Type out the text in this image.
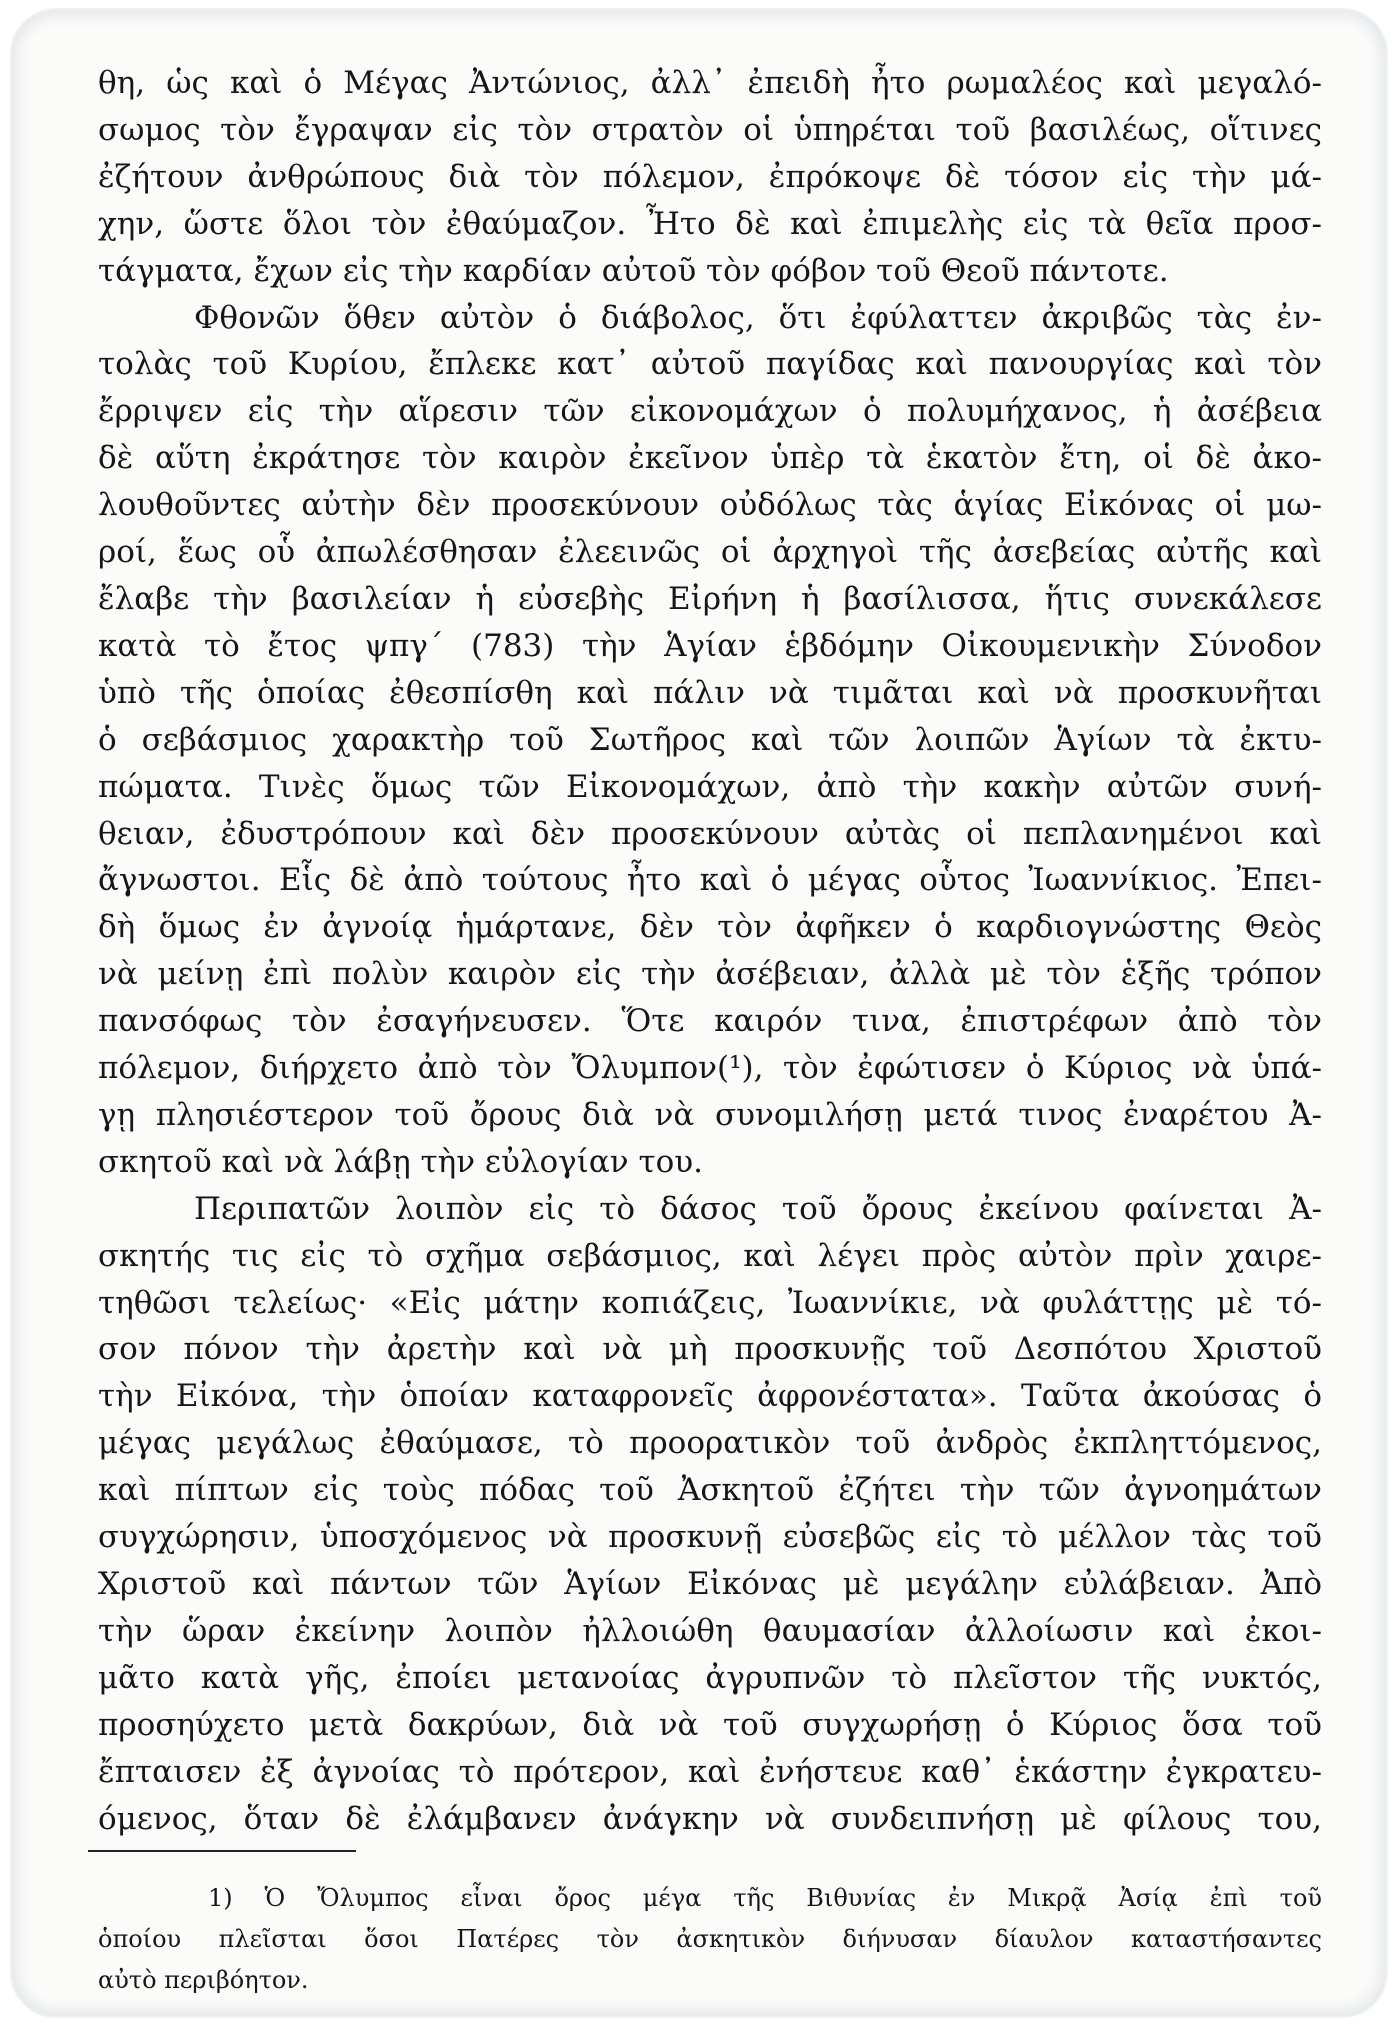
θη, ὡς καὶ ὁ Μέγας Ἀντώνιος, ἀλλ᾽ ἐπειδὴ ἦτο ρωμαλέος καὶ μεγαλό-
σωμος τὸν ἔγραψαν εἰς τὸν στρατὸν οἱ ὑπηρέται τοῦ βασιλέως, οἵτινες
ἐζήτουν ἀνθρώπους διὰ τὸν πόλεμον, ἐπρόκοψε δὲ τόσον εἰς τὴν μά-
χην, ὥστε ὅλοι τὸν ἐθαύμαζον. Ἦτο δὲ καὶ ἐπιμελὴς εἰς τὰ θεῖα προσ-
τάγματα, ἔχων εἰς τὴν καρδίαν αὐτοῦ τὸν φόβον τοῦ Θεοῦ πάντοτε.
Φθονῶν ὅθεν αὐτὸν ὁ διάβολος, ὅτι ἐφύλαττεν ἀκριβῶς τὰς ἐν-
τολὰς τοῦ Κυρίου, ἔπλεκε κατ᾽ αὐτοῦ παγίδας καὶ πανουργίας καὶ τὸν
ἔρριψεν εἰς τὴν αἵρεσιν τῶν εἰκονομάχων ὁ πολυμήχανος, ἡ ἀσέβεια
δὲ αὕτη ἐκράτησε τὸν καιρὸν ἐκεῖνον ὑπὲρ τὰ ἑκατὸν ἔτη, οἱ δὲ ἀκο-
λουθοῦντες αὐτὴν δὲν προσεκύνουν οὐδόλως τὰς ἁγίας Εἰκόνας οἱ μω-
ροί, ἕως οὗ ἀπωλέσθησαν ἐλεεινῶς οἱ ἀρχηγοὶ τῆς ἀσεβείας αὐτῆς καὶ
ἔλαβε τὴν βασιλείαν ἡ εὐσεβὴς Εἰρήνη ἡ βασίλισσα, ἥτις συνεκάλεσε
κατὰ τὸ ἔτος ψπγ΄ (783) τὴν Ἁγίαν ἑβδόμην Οἰκουμενικὴν Σύνοδον
ὑπὸ τῆς ὁποίας ἐθεσπίσθη καὶ πάλιν νὰ τιμᾶται καὶ νὰ προσκυνῆται
ὁ σεβάσμιος χαρακτὴρ τοῦ Σωτῆρος καὶ τῶν λοιπῶν Ἁγίων τὰ ἐκτυ-
πώματα. Τινὲς ὅμως τῶν Εἰκονομάχων, ἀπὸ τὴν κακὴν αὐτῶν συνή-
θειαν, ἐδυστρόπουν καὶ δὲν προσεκύνουν αὐτὰς οἱ πεπλανημένοι καὶ
ἄγνωστοι. Εἷς δὲ ἀπὸ τούτους ἦτο καὶ ὁ μέγας οὗτος Ἰωαννίκιος. Ἐπει-
δὴ ὅμως ἐν ἀγνοίᾳ ἡμάρτανε, δὲν τὸν ἀφῆκεν ὁ καρδιογνώστης Θεὸς
νὰ μείνῃ ἐπὶ πολὺν καιρὸν εἰς τὴν ἀσέβειαν, ἀλλὰ μὲ τὸν ἑξῆς τρόπον
πανσόφως τὸν ἐσαγήνευσεν. Ὅτε καιρόν τινα, ἐπιστρέφων ἀπὸ τὸν
πόλεμον, διήρχετο ἀπὸ τὸν Ὄλυμπον(¹), τὸν ἐφώτισεν ὁ Κύριος νὰ ὑπά-
γῃ πλησιέστερον τοῦ ὄρους διὰ νὰ συνομιλήσῃ μετά τινος ἐναρέτου Ἀ-
σκητοῦ καὶ νὰ λάβῃ τὴν εὐλογίαν του.
Περιπατῶν λοιπὸν εἰς τὸ δάσος τοῦ ὄρους ἐκείνου φαίνεται Ἀ-
σκητής τις εἰς τὸ σχῆμα σεβάσμιος, καὶ λέγει πρὸς αὐτὸν πρὶν χαιρε-
τηθῶσι τελείως· «Εἰς μάτην κοπιάζεις, Ἰωαννίκιε, νὰ φυλάττῃς μὲ τό-
σον πόνον τὴν ἀρετὴν καὶ νὰ μὴ προσκυνῇς τοῦ Δεσπότου Χριστοῦ
τὴν Εἰκόνα, τὴν ὁποίαν καταφρονεῖς ἀφρονέστατα». Ταῦτα ἀκούσας ὁ
μέγας μεγάλως ἐθαύμασε, τὸ προορατικὸν τοῦ ἀνδρὸς ἐκπληττόμενος,
καὶ πίπτων εἰς τοὺς πόδας τοῦ Ἀσκητοῦ ἐζήτει τὴν τῶν ἀγνοημάτων
συγχώρησιν, ὑποσχόμενος νὰ προσκυνῇ εὐσεβῶς εἰς τὸ μέλλον τὰς τοῦ
Χριστοῦ καὶ πάντων τῶν Ἁγίων Εἰκόνας μὲ μεγάλην εὐλάβειαν. Ἀπὸ
τὴν ὥραν ἐκείνην λοιπὸν ἠλλοιώθη θαυμασίαν ἀλλοίωσιν καὶ ἐκοι-
μᾶτο κατὰ γῆς, ἐποίει μετανοίας ἀγρυπνῶν τὸ πλεῖστον τῆς νυκτός,
προσηύχετο μετὰ δακρύων, διὰ νὰ τοῦ συγχωρήσῃ ὁ Κύριος ὅσα τοῦ
ἔπταισεν ἐξ ἀγνοίας τὸ πρότερον, καὶ ἐνήστευε καθ᾽ ἑκάστην ἐγκρατευ-
όμενος, ὅταν δὲ ἐλάμβανεν ἀνάγκην νὰ συνδειπνήσῃ μὲ φίλους του,
1) Ὁ Ὄλυμπος εἶναι ὄρος μέγα τῆς Βιθυνίας ἐν Μικρᾷ Ἀσίᾳ ἐπὶ τοῦ
ὁποίου πλεῖσται ὅσοι Πατέρες τὸν ἀσκητικὸν διήνυσαν δίαυλον καταστήσαντες
αὐτὸ περιβόητον.
